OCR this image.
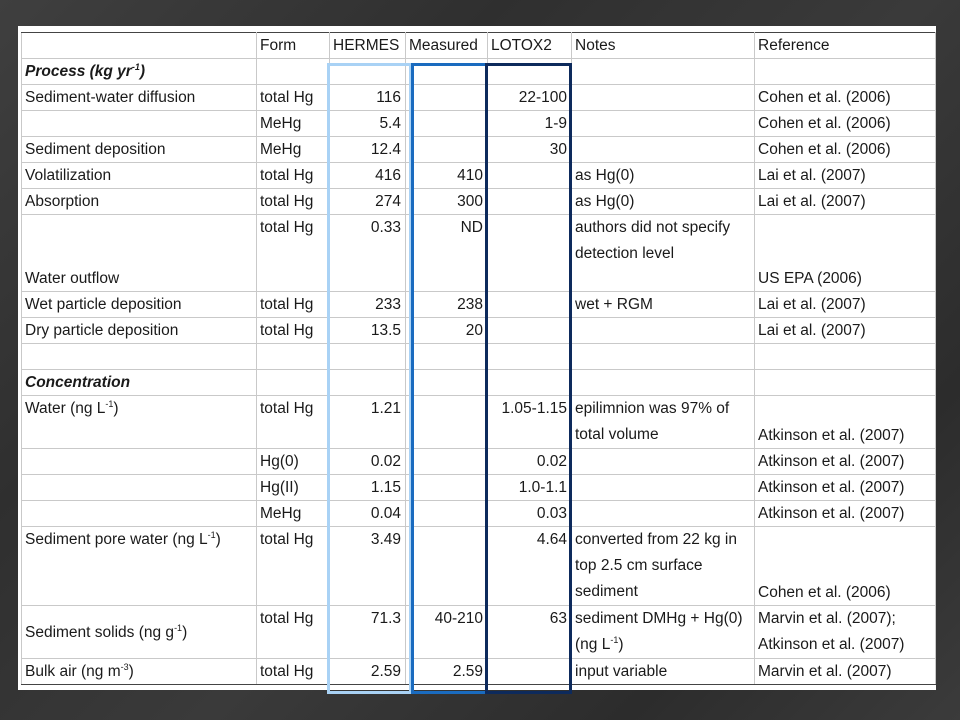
	Form	HERMES	Measured	LOTOX2	Notes	Reference
Process (kg $yr^{-1}$)						
Sediment-water diffusion	total Hg	116		22-100		Cohen et al. (2006)
	MeHg	5.4		1-9		Cohen et al. (2006)
Sediment deposition	MeHg	12.4		30		Cohen et al. (2006)
Volatilization	total Hg	416	410		as Hg(0)	Lai et al. (2007)
Absorption	total Hg	274	300		as Hg(0)	Lai et al. (2007)
Water outflow	total Hg	0.33	ND		authors did not specify detection level	US EPA (2006)
Wet particle deposition	total Hg	233	238		wet + RGM	Lai et al. (2007)
Dry particle deposition	total Hg	13.5	20			Lai et al. (2007)

Concentration						
Water (ng $L^{-1}$)	total Hg	1.21		1.05-1.15	epilimnion was 97% of total volume	Atkinson et al. (2007)
	Hg(0)	0.02		0.02		Atkinson et al. (2007)
	Hg(II)	1.15		1.0-1.1		Atkinson et al. (2007)
	MeHg	0.04		0.03		Atkinson et al. (2007)
Sediment pore water (ng $L^{-1}$)	total Hg	3.49		4.64	converted from 22 kg in top 2.5 cm surface sediment	Cohen et al. (2006)
Sediment solids (ng $g^{-1}$)	total Hg	71.3	40-210	63	sediment DMHg + Hg(0) (ng $L^{-1}$)	Marvin et al. (2007);
Atkinson et al. (2007)
Bulk air (ng $m^{-3}$)	total Hg	2.59	2.59		input variable	Marvin et al. (2007)
